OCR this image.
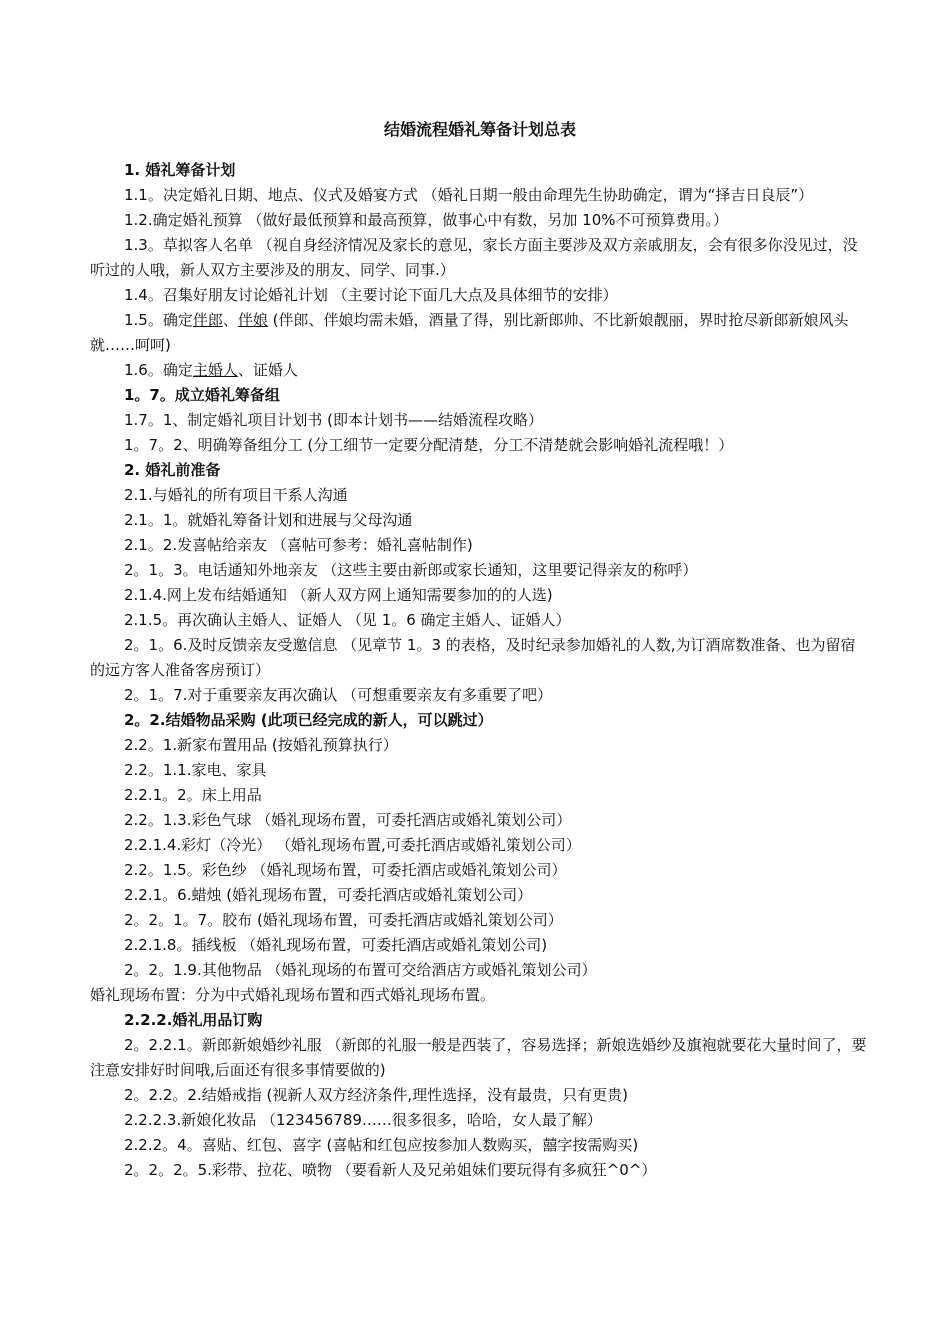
结婚流程婚礼筹备计划总表

1. 婚礼筹备计划

1.1。决定婚礼日期、地点、仪式及婚宴方式 （婚礼日期一般由命理先生协助确定，谓为“择吉日良辰”）

1.2.确定婚礼预算 （做好最低预算和最高预算，做事心中有数，另加 10%不可预算费用。）

1.3。草拟客人名单 （视自身经济情况及家长的意见，家长方面主要涉及双方亲戚朋友，会有很多你没见过，没听过的人哦，新人双方主要涉及的朋友、同学、同事.）

1.4。召集好朋友讨论婚礼计划 （主要讨论下面几大点及具体细节的安排）

1.5。确定伴郎、伴娘 (伴郎、伴娘均需未婚，酒量了得，别比新郎帅、不比新娘靓丽，界时抢尽新郎新娘风头就……呵呵)

1.6。确定主婚人、证婚人

1。7。成立婚礼筹备组

1.7。1、制定婚礼项目计划书 (即本计划书——结婚流程攻略）

1。7。2、明确筹备组分工 (分工细节一定要分配清楚，分工不清楚就会影响婚礼流程哦！）

2. 婚礼前准备

2.1.与婚礼的所有项目干系人沟通

2.1。1。就婚礼筹备计划和进展与父母沟通

2.1。2.发喜帖给亲友 （喜帖可参考：婚礼喜帖制作)

2。1。3。电话通知外地亲友 （这些主要由新郎或家长通知，这里要记得亲友的称呼）

2.1.4.网上发布结婚通知 （新人双方网上通知需要参加的的人选)

2.1.5。再次确认主婚人、证婚人 （见 1。6 确定主婚人、证婚人）

2。1。6.及时反馈亲友受邀信息 （见章节 1。3 的表格，及时纪录参加婚礼的人数,为订酒席数准备、也为留宿的远方客人准备客房预订）

2。1。7.对于重要亲友再次确认 （可想重要亲友有多重要了吧）

2。2.结婚物品采购 (此项已经完成的新人，可以跳过）

2.2。1.新家布置用品 (按婚礼预算执行）

2.2。1.1.家电、家具

2.2.1。2。床上用品

2.2。1.3.彩色气球 （婚礼现场布置，可委托酒店或婚礼策划公司）

2.2.1.4.彩灯（冷光） （婚礼现场布置,可委托酒店或婚礼策划公司）

2.2。1.5。彩色纱 （婚礼现场布置，可委托酒店或婚礼策划公司）

2.2.1。6.蜡烛 (婚礼现场布置，可委托酒店或婚礼策划公司）

2。2。1。7。胶布 (婚礼现场布置，可委托酒店或婚礼策划公司）

2.2.1.8。插线板 （婚礼现场布置，可委托酒店或婚礼策划公司)

2。2。1.9.其他物品 （婚礼现场的布置可交给酒店方或婚礼策划公司）

婚礼现场布置：分为中式婚礼现场布置和西式婚礼现场布置。

2.2.2.婚礼用品订购

2。2.2.1。新郎新娘婚纱礼服 （新郎的礼服一般是西装了，容易选择；新娘选婚纱及旗袍就要花大量时间了，要注意安排好时间哦,后面还有很多事情要做的)

2。2.2。2.结婚戒指 (视新人双方经济条件,理性选择，没有最贵，只有更贵)

2.2.2.3.新娘化妆品 （123456789……很多很多，哈哈，女人最了解）

2.2.2。4。喜贴、红包、喜字 (喜帖和红包应按参加人数购买，囍字按需购买)

2。2。2。5.彩带、拉花、喷物 （要看新人及兄弟姐妹们要玩得有多疯狂^0^）
